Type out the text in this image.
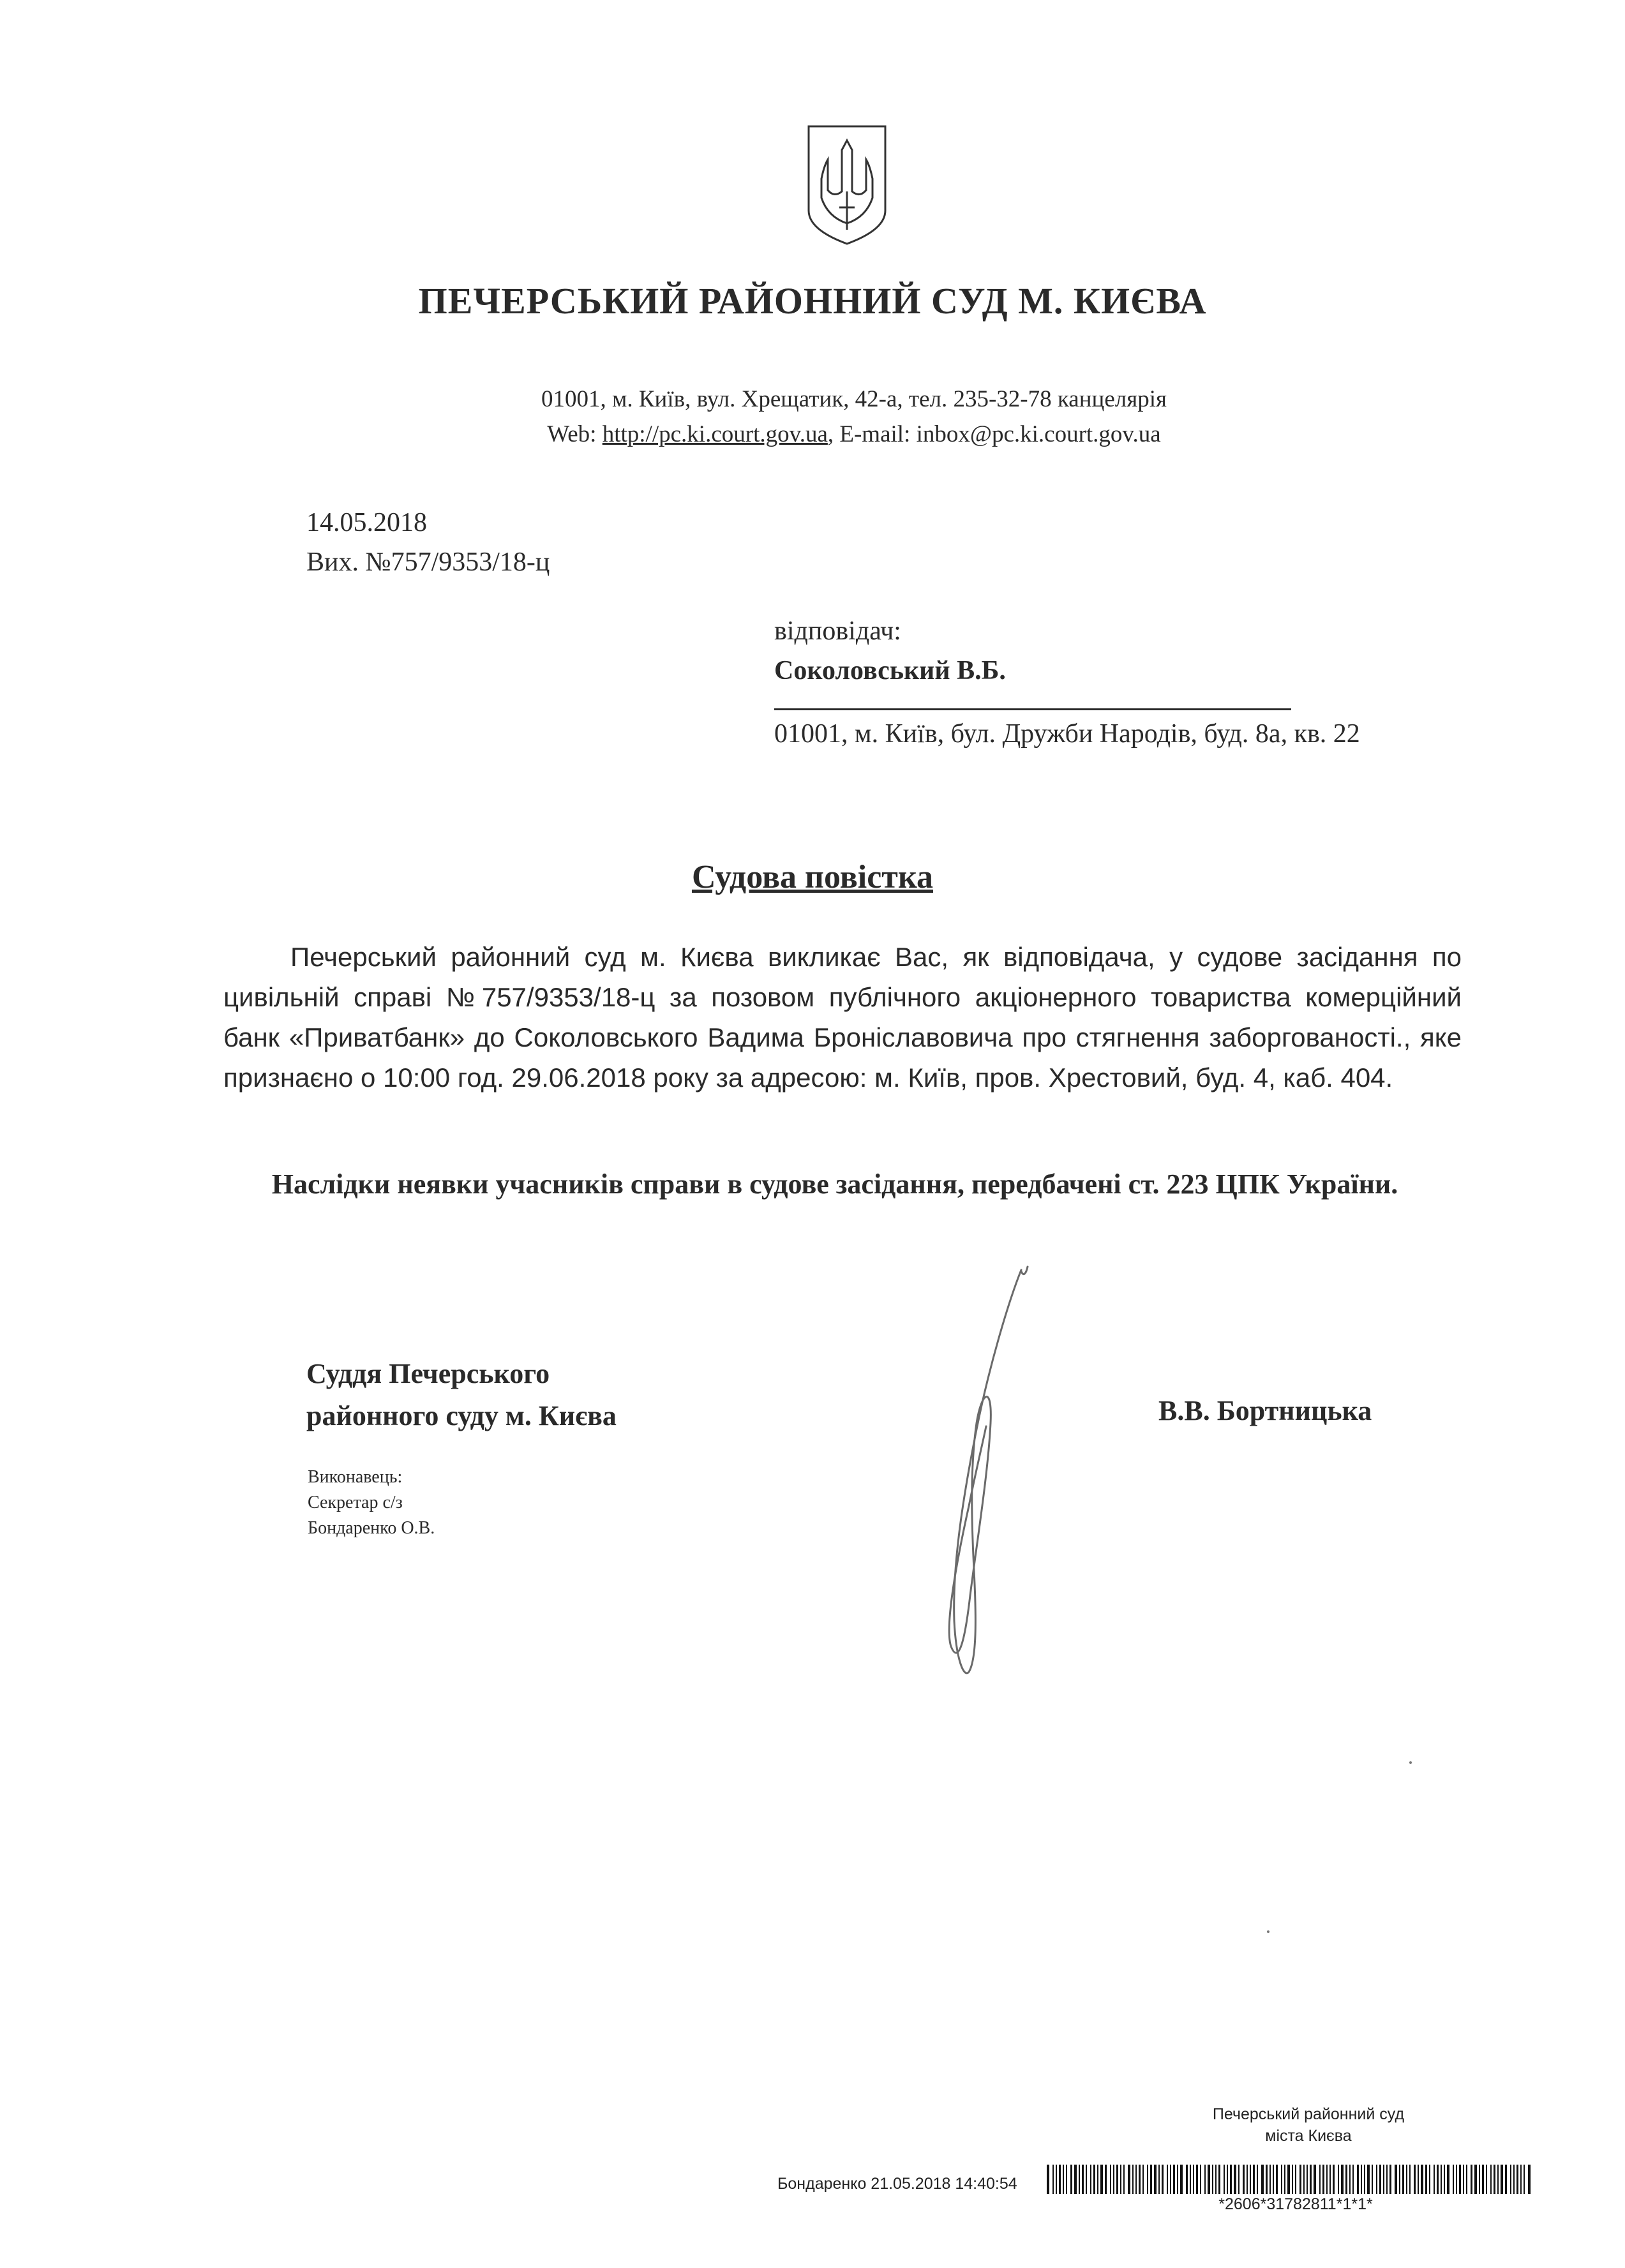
ПЕЧЕРСЬКИЙ РАЙОННИЙ СУД М. КИЄВА
01001, м. Київ, вул. Хрещатик, 42-а, тел. 235-32-78 канцелярія
Web: http://pc.ki.court.gov.ua, E-mail: inbox@pc.ki.court.gov.ua
14.05.2018
Вих. №757/9353/18-ц
відповідач:
Соколовський В.Б.
01001, м. Київ, бул. Дружби Народів, буд. 8а, кв. 22
Судова повістка
Печерський районний суд м. Києва викликає Вас, як відповідача, у судове засідання по цивільній справі №757/9353/18-ц за позовом публічного акціонерного товариства комерційний банк «Приватбанк» до Соколовського Вадима Броніславовича про стягнення заборгованості., яке признаєно о 10:00 год. 29.06.2018 року за адресою: м. Київ, пров. Хрестовий, буд. 4, каб. 404.
Наслідки неявки учасників справи в судове засідання, передбачені ст. 223 ЦПК України.
Суддя Печерського
районного суду м. Києва	В.В. Бортницька
Виконавець:
Секретар с/з
Бондаренко О.В.
Печерський районний суд
міста Києва
Бондаренко 21.05.2018 14:40:54
*2606*31782811*1*1*
